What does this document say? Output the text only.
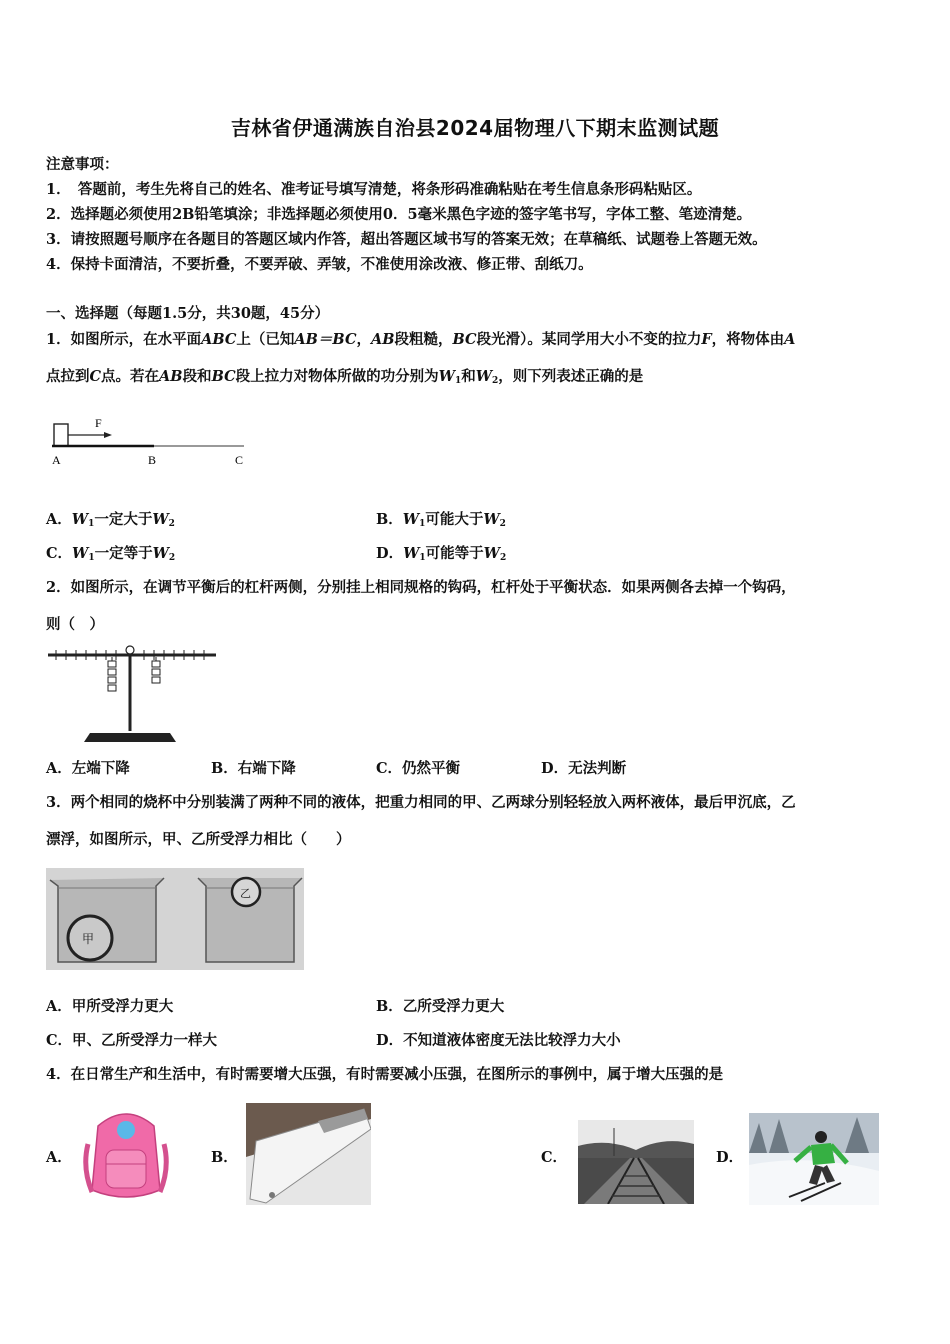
吉林省伊通满族自治县2024届物理八下期末监测试题
注意事项：
1．　答题前，考生先将自己的姓名、准考证号填写清楚，将条形码准确粘贴在考生信息条形码粘贴区。
2．选择题必须使用2B铅笔填涂；非选择题必须使用0．5毫米黑色字迹的签字笔书写，字体工整、笔迹清楚。
3．请按照题号顺序在各题目的答题区域内作答，超出答题区域书写的答案无效；在草稿纸、试题卷上答题无效。
4．保持卡面清洁，不要折叠，不要弄破、弄皱，不准使用涂改液、修正带、刮纸刀。
一、选择题（每题1.5分，共30题，45分）
1．如图所示，在水平面ABC上（已知AB＝BC，AB段粗糙，BC段光滑）。某同学用大小不变的拉力F，将物体由A
点拉到C点。若在AB段和BC段上拉力对物体所做的功分别为$W_1$和$W_2$，则下列表述正确的是
F
A	B	C
A．$W_1$一定大于$W_2$	B．$W_1$可能大于$W_2$
C．$W_1$一定等于$W_2$	D．$W_1$可能等于$W_2$
2．如图所示，在调节平衡后的杠杆两侧，分别挂上相同规格的钩码，杠杆处于平衡状态．如果两侧各去掉一个钩码，
则（　）
A．左端下降	B．右端下降	C．仍然平衡	D．无法判断
3．两个相同的烧杯中分别装满了两种不同的液体，把重力相同的甲、乙两球分别轻轻放入两杯液体，最后甲沉底，乙
漂浮，如图所示，甲、乙所受浮力相比（　　）
甲
乙
A．甲所受浮力更大	B．乙所受浮力更大
C．甲、乙所受浮力一样大	D．不知道液体密度无法比较浮力大小
4．在日常生产和生活中，有时需要增大压强，有时需要减小压强，在图所示的事例中，属于增大压强的是
A．	B．	C．	D．
